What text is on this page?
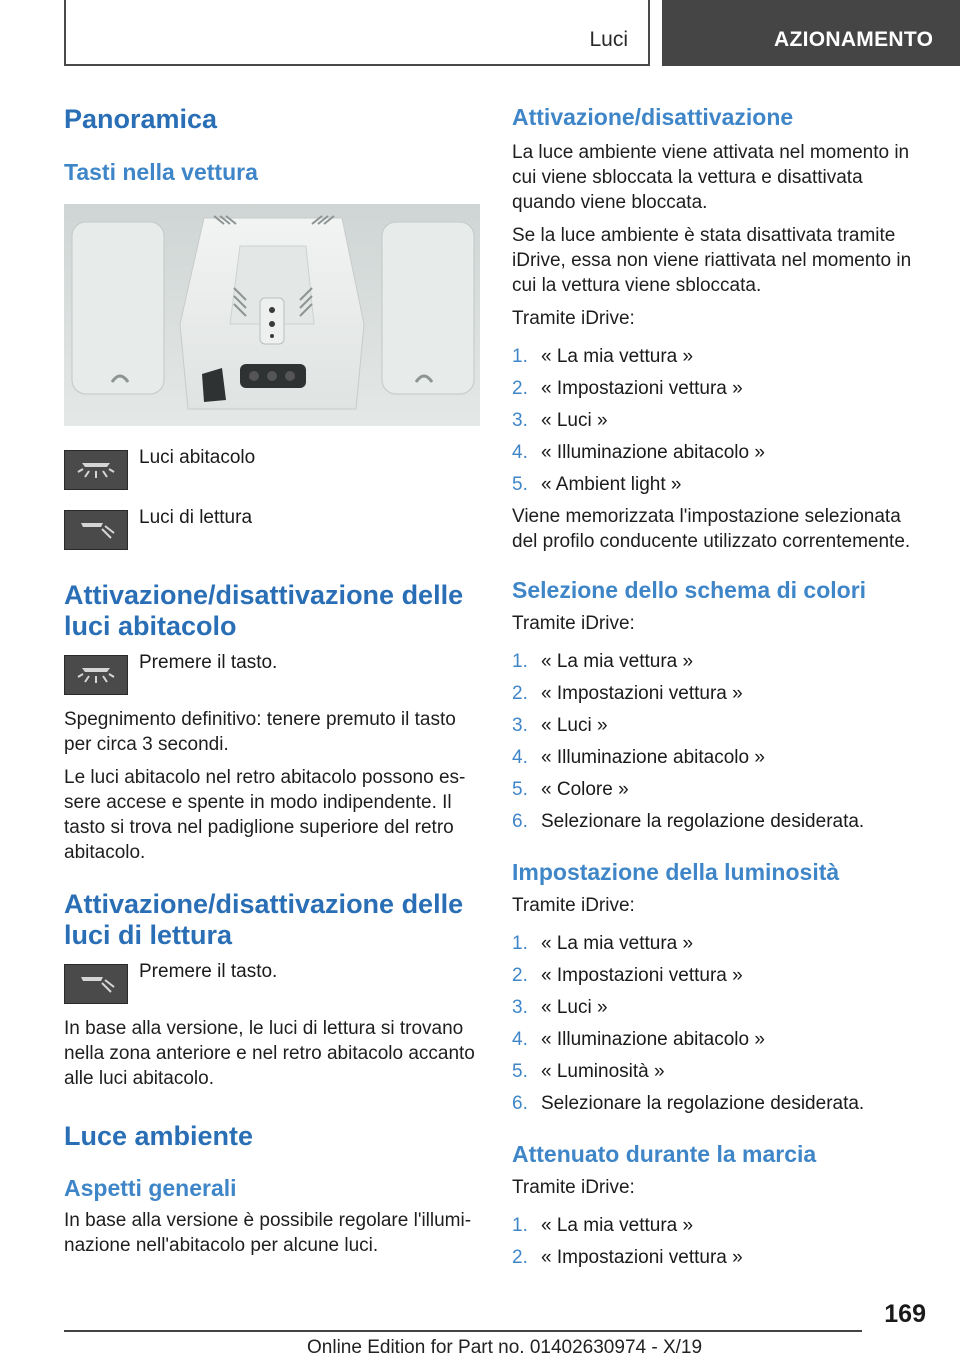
Luci	AZIONAMENTO
Panoramica
Tasti nella vettura
Luci abitacolo
Luci di lettura
Attivazione/disattivazione delle luci abitacolo
Premere il tasto.

Spegnimento definitivo: tenere premuto il tasto per circa 3 secondi.

Le luci abitacolo nel retro abitacolo possono es- sere accese e spente in modo indipendente. Il tasto si trova nel padiglione superiore del retro abitacolo.

Attivazione/disattivazione delle luci di lettura
Premere il tasto.

In base alla versione, le luci di lettura si trovano nella zona anteriore e nel retro abitacolo accanto alle luci abitacolo.

Luce ambiente
Aspetti generali

In base alla versione è possibile regolare l'illumi- nazione nell'abitacolo per alcune luci.

Attivazione/disattivazione

La luce ambiente viene attivata nel momento in cui viene sbloccata la vettura e disattivata quando viene bloccata.

Se la luce ambiente è stata disattivata tramite iDrive, essa non viene riattivata nel momento in cui la vettura viene sbloccata.

Tramite iDrive:

1. « La mia vettura »
2. « Impostazioni vettura »
3. « Luci »
4. « Illuminazione abitacolo »
5. « Ambient light »

Viene memorizzata l'impostazione selezionata del profilo conducente utilizzato correntemente.

Selezione dello schema di colori

Tramite iDrive:

1. « La mia vettura »
2. « Impostazioni vettura »
3. « Luci »
4. « Illuminazione abitacolo »
5. « Colore »
6. Selezionare la regolazione desiderata.
Impostazione della luminosità

Tramite iDrive:

1. « La mia vettura »
2. « Impostazioni vettura »
3. « Luci »
4. « Illuminazione abitacolo »
5. « Luminosità »
6. Selezionare la regolazione desiderata.
Attenuato durante la marcia

Tramite iDrive:

1. « La mia vettura »
2. « Impostazioni vettura »
169
Online Edition for Part no. 01402630974 - X/19
